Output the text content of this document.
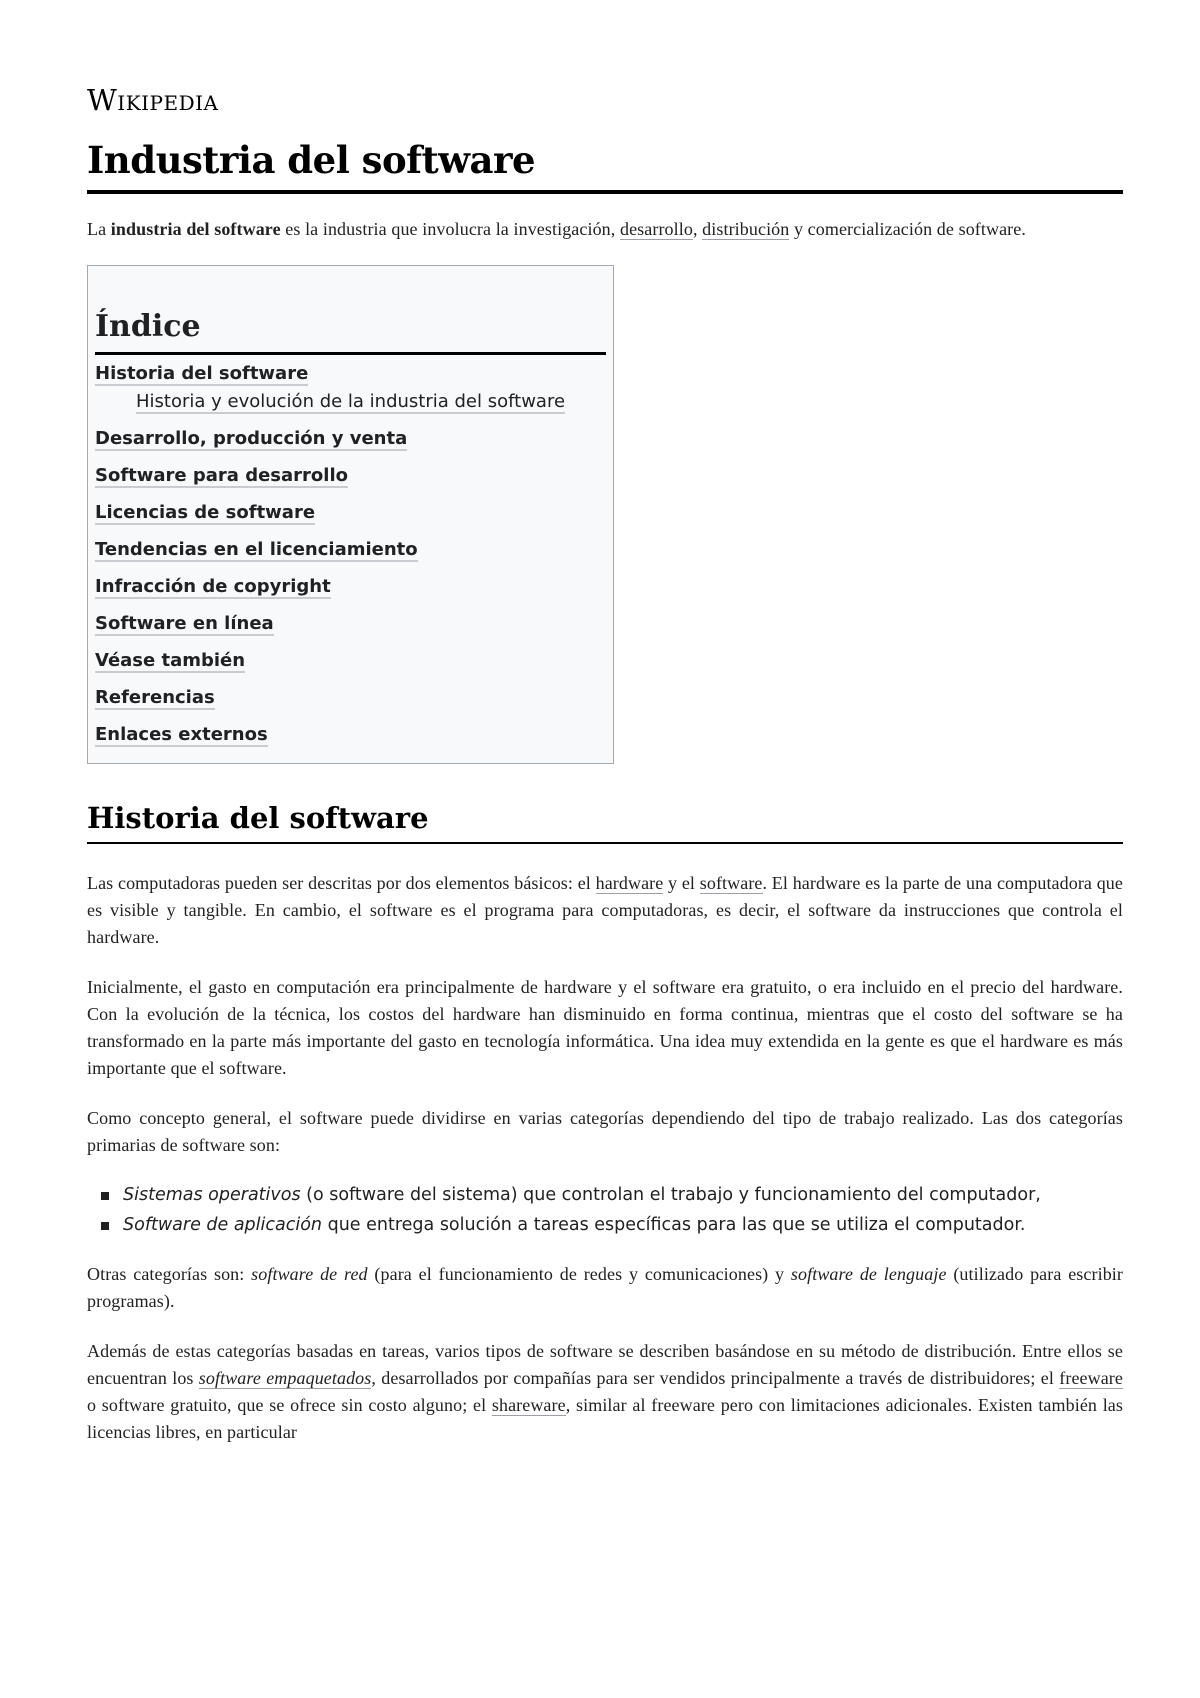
Wikipedia
Industria del software

La industria del software es la industria que involucra la investigación, desarrollo, distribución y comercialización de software.

Índice
Historia del software
Historia y evolución de la industria del software
Desarrollo, producción y venta
Software para desarrollo
Licencias de software
Tendencias en el licenciamiento
Infracción de copyright
Software en línea
Véase también
Referencias
Enlaces externos
Historia del software

Las computadoras pueden ser descritas por dos elementos básicos: el hardware y el software. El hardware es la parte de una computadora que es visible y tangible. En cambio, el software es el programa para computadoras, es decir, el software da instrucciones que controla el hardware.

Inicialmente, el gasto en computación era principalmente de hardware y el software era gratuito, o era incluido en el precio del hardware. Con la evolución de la técnica, los costos del hardware han disminuido en forma continua, mientras que el costo del software se ha transformado en la parte más importante del gasto en tecnología informática. Una idea muy extendida en la gente es que el hardware es más importante que el software.

Como concepto general, el software puede dividirse en varias categorías dependiendo del tipo de trabajo realizado. Las dos categorías primarias de software son:

Sistemas operativos (o software del sistema) que controlan el trabajo y funcionamiento del computador,
Software de aplicación que entrega solución a tareas específicas para las que se utiliza el computador.

Otras categorías son: software de red (para el funcionamiento de redes y comunicaciones) y software de lenguaje (utilizado para escribir programas).

Además de estas categorías basadas en tareas, varios tipos de software se describen basándose en su método de distribución. Entre ellos se encuentran los software empaquetados, desarrollados por compañías para ser vendidos principalmente a través de distribuidores; el freeware o software gratuito, que se ofrece sin costo alguno; el shareware, similar al freeware pero con limitaciones adicionales. Existen también las licencias libres, en particular
